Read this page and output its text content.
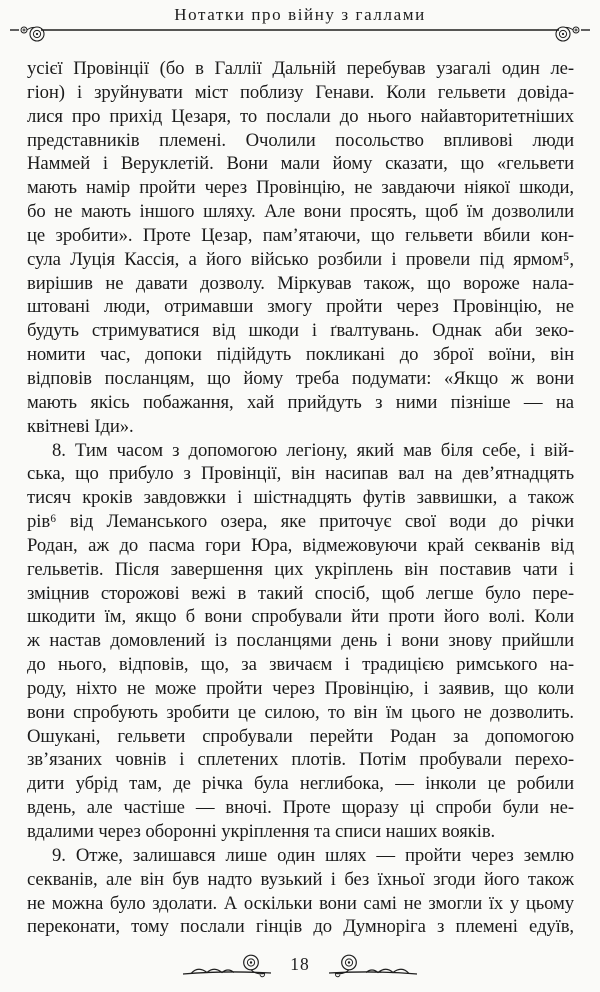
Нотатки про війну з галлами
усієї Провінції (бо в Галлії Дальній перебував узагалі один ле-
гіон) і зруйнувати міст поблизу Генави. Коли гельвети довіда-
лися про прихід Цезаря, то послали до нього найавторитетніших
представників племені. Очолили посольство впливові люди
Наммей і Веруклетій. Вони мали йому сказати, що «гельвети
мають намір пройти через Провінцію, не завдаючи ніякої шкоди,
бо не мають іншого шляху. Але вони просять, щоб їм дозволили
це зробити». Проте Цезар, пам’ятаючи, що гельвети вбили кон-
сула Луція Кассія, а його військо розбили і провели під ярмом⁵,
вирішив не давати дозволу. Міркував також, що вороже нала-
штовані люди, отримавши змогу пройти через Провінцію, не
будуть стримуватися від шкоди і ґвалтувань. Однак аби зеко-
номити час, допоки підійдуть покликані до зброї воїни, він
відповів посланцям, що йому треба подумати: «Якщо ж вони
мають якісь побажання, хай прийдуть з ними пізніше — на
квітневі Іди».
8. Тим часом з допомогою легіону, який мав біля себе, і вій-
ська, що прибуло з Провінції, він насипав вал на дев’ятнадцять
тисяч кроків завдовжки і шістнадцять футів заввишки, а також
рів⁶ від Леманського озера, яке приточує свої води до річки
Родан, аж до пасма гори Юра, відмежовуючи край секванів від
гельветів. Після завершення цих укріплень він поставив чати і
зміцнив сторожові вежі в такий спосіб, щоб легше було пере-
шкодити їм, якщо б вони спробували йти проти його волі. Коли
ж настав домовлений із посланцями день і вони знову прийшли
до нього, відповів, що, за звичаєм і традицією римського на-
роду, ніхто не може пройти через Провінцію, і заявив, що коли
вони спробують зробити це силою, то він їм цього не дозволить.
Ошукані, гельвети спробували перейти Родан за допомогою
зв’язаних човнів і сплетених плотів. Потім пробували перехо-
дити убрід там, де річка була неглибока, — інколи це робили
вдень, але частіше — вночі. Проте щоразу ці спроби були не-
вдалими через оборонні укріплення та списи наших вояків.
9. Отже, залишався лише один шлях — пройти через землю
секванів, але він був надто вузький і без їхньої згоди його також
не можна було здолати. А оскільки вони самі не змогли їх у цьому
переконати, тому послали гінців до Думноріга з племені едуїв,
18
